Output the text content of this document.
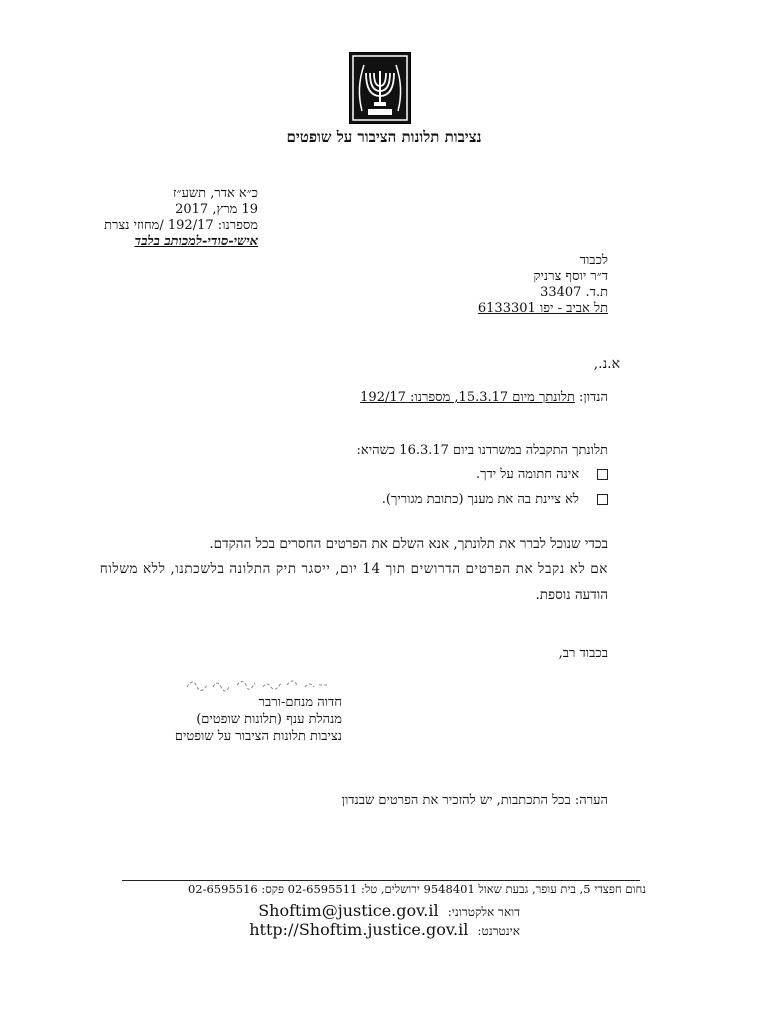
נציבות תלונות הציבור על שופטים
כ״א אדר, תשע״ז
19 מרץ, 2017
מספרנו: 192/17 /מחוזי נצרת
אישי-סודי-למכותב בלבד
לכבוד
ד״ר יוסף צרניק
ת.ד. 33407
תל אביב - יפו 6133301
א.נ.,
הנדון: תלונתך מיום 15.3.17, מספרנו: 192/17
תלונתך התקבלה במשרדנו ביום 16.3.17 כשהיא:
אינה חתומה על ידך.
לא ציינת בה את מענך (כתובת מגוריך).
בכדי שנוכל לברר את תלונתך, אנא השלם את הפרטים החסרים בכל ההקדם.
אם לא נקבל את הפרטים הדרושים תוך 14 יום, ייסגר תיק התלונה בלשכתנו, ללא משלוח
הודעה נוספת.
בכבוד רב,
חדוה מנחם-ורבר
מנהלת ענף (תלונות שופטים)
נציבות תלונות הציבור על שופטים
הערה: בכל התכתבות, יש להזכיר את הפרטים שבנדון
נחום חפצדי 5, בית עופר, גבעת שאול 9548401 ירושלים, טל: 02-6595511 פקס: 02-6595516
דואר אלקטרוני: Shoftim@justice.gov.il
אינטרנט: http://Shoftim.justice.gov.il
